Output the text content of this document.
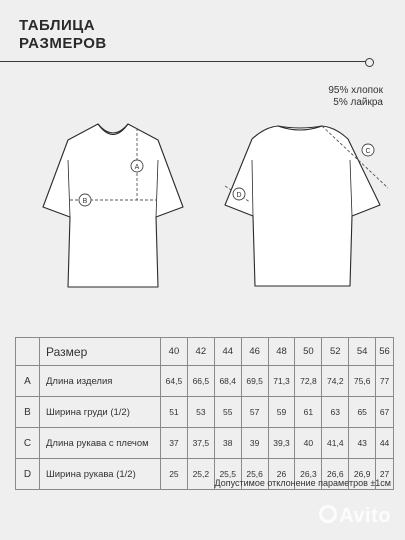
ТАБЛИЦА
РАЗМЕРОВ
95% хлопок
5% лайкра
A
B
C
D
	Размер	40	42	44	46	48	50	52	54	56
A	Длина изделия	64,5	66,5	68,4	69,5	71,3	72,8	74,2	75,6	77
B	Ширина груди (1/2)	51	53	55	57	59	61	63	65	67
C	Длина рукава с плечом	37	37,5	38	39	39,3	40	41,4	43	44
D	Ширина рукава (1/2)	25	25,2	25,5	25,6	26	26,3	26,6	26,9	27
Допустимое отклонение параметров ±1см
Avito
